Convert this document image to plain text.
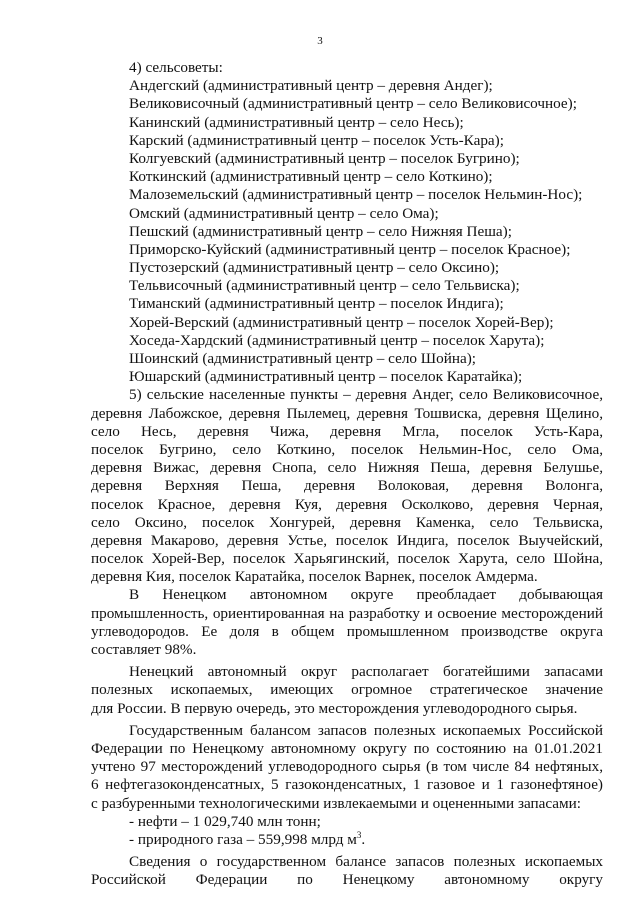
3
4) сельсоветы:
Андегский (административный центр – деревня Андег);
Великовисочный (административный центр – село Великовисочное);
Канинский (административный центр – село Несь);
Карский (административный центр – поселок Усть-Кара);
Колгуевский (административный центр – поселок Бугрино);
Коткинский (административный центр – село Коткино);
Малоземельский (административный центр – поселок Нельмин-Нос);
Омский (административный центр – село Ома);
Пешский (административный центр – село Нижняя Пеша);
Приморско-Куйский (административный центр – поселок Красное);
Пустозерский (административный центр – село Оксино);
Тельвисочный (административный центр – село Тельвиска);
Тиманский (административный центр – поселок Индига);
Хорей-Верский (административный центр – поселок Хорей-Вер);
Хоседа-Хардский (административный центр – поселок Харута);
Шоинский (административный центр – село Шойна);
Юшарский (административный центр – поселок Каратайка);
5) сельские населенные пункты – деревня Андег, село Великовисочное,
деревня Лабожское, деревня Пылемец, деревня Тошвиска, деревня Щелино,
село Несь, деревня Чижа, деревня Мгла, поселок Усть-Кара,
поселок Бугрино, село Коткино, поселок Нельмин-Нос, село Ома,
деревня Вижас, деревня Снопа, село Нижняя Пеша, деревня Белушье,
деревня Верхняя Пеша, деревня Волоковая, деревня Волонга,
поселок Красное, деревня Куя, деревня Осколково, деревня Черная,
село Оксино, поселок Хонгурей, деревня Каменка, село Тельвиска,
деревня Макарово, деревня Устье, поселок Индига, поселок Выучейский,
поселок Хорей-Вер, поселок Харьягинский, поселок Харута, село Шойна,
деревня Кия, поселок Каратайка, поселок Варнек, поселок Амдерма.
В Ненецком автономном округе преобладает добывающая
промышленность, ориентированная на разработку и освоение месторождений
углеводородов. Ее доля в общем промышленном производстве округа
составляет 98%.
Ненецкий автономный округ располагает богатейшими запасами
полезных ископаемых, имеющих огромное стратегическое значение
для России. В первую очередь, это месторождения углеводородного сырья.
Государственным балансом запасов полезных ископаемых Российской
Федерации по Ненецкому автономному округу по состоянию на 01.01.2021
учтено 97 месторождений углеводородного сырья (в том числе 84 нефтяных,
6 нефтегазоконденсатных, 5 газоконденсатных, 1 газовое и 1 газонефтяное)
с разбуренными технологическими извлекаемыми и оцененными запасами:
- нефти – 1 029,740 млн тонн;
- природного газа – 559,998 млрд $м^3$.
Сведения о государственном балансе запасов полезных ископаемых
Российской Федерации по Ненецкому автономному округу
